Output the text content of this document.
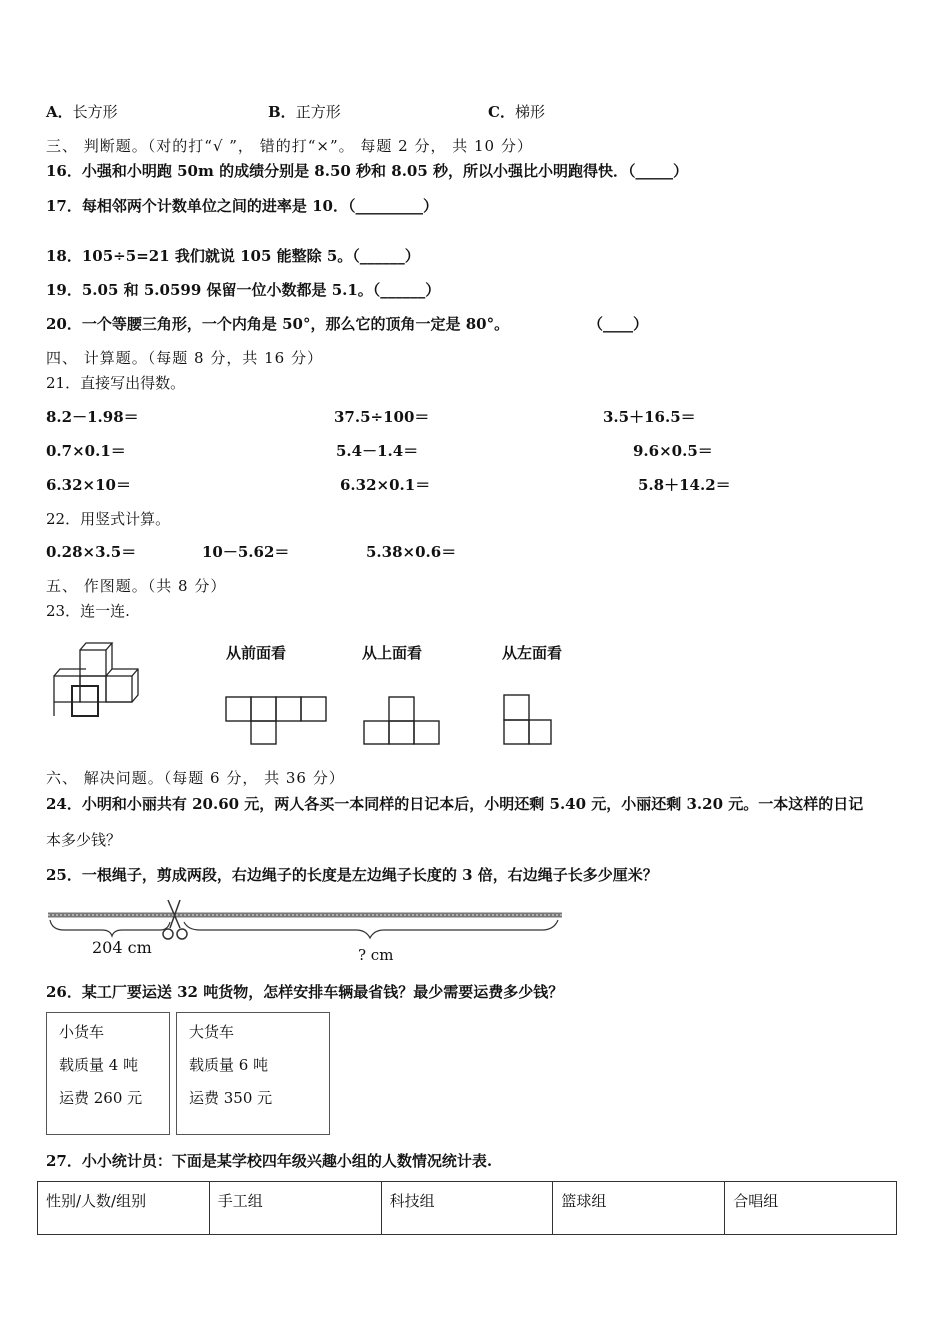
A．长方形	B．正方形	C．梯形
三、 判断题。（对的打“√ ”， 错的打“×”。 每题 2 分， 共 10 分）
16．小强和小明跑 50m 的成绩分别是 8.50 秒和 8.05 秒，所以小强比小明跑得快．（_____）
17．每相邻两个计数单位之间的进率是 10．（_________）
18．105÷5=21 我们就说 105 能整除 5。（______）
19．5.05 和 5.0599 保留一位小数都是 5.1。（______）
20．一个等腰三角形，一个内角是 50°，那么它的顶角一定是 80°。	（____）
四、 计算题。（每题 8 分，共 16 分）
21．直接写出得数。
8.2－1.98＝	37.5÷100＝	3.5＋16.5＝
0.7×0.1＝	5.4－1.4＝	9.6×0.5＝
6.32×10＝	6.32×0.1＝	5.8＋14.2＝
22．用竖式计算。
0.28×3.5＝	10－5.62＝	5.38×0.6＝
五、 作图题。（共 8 分）
23．连一连.
从前面看	从上面看	从左面看
六、 解决问题。（每题 6 分， 共 36 分）
24．小明和小丽共有 20.60 元，两人各买一本同样的日记本后，小明还剩 5.40 元，小丽还剩 3.20 元。一本这样的日记
本多少钱？
25．一根绳子，剪成两段，右边绳子的长度是左边绳子长度的 3 倍，右边绳子长多少厘米？
204 cm	? cm
26．某工厂要运送 32 吨货物，怎样安排车辆最省钱？最少需要运费多少钱？
小货车
载质量 4 吨
运费 260 元
大货车
载质量 6 吨
运费 350 元
27．小小统计员：下面是某学校四年级兴趣小组的人数情况统计表.
性别/人数/组别	手工组	科技组	篮球组	合唱组
